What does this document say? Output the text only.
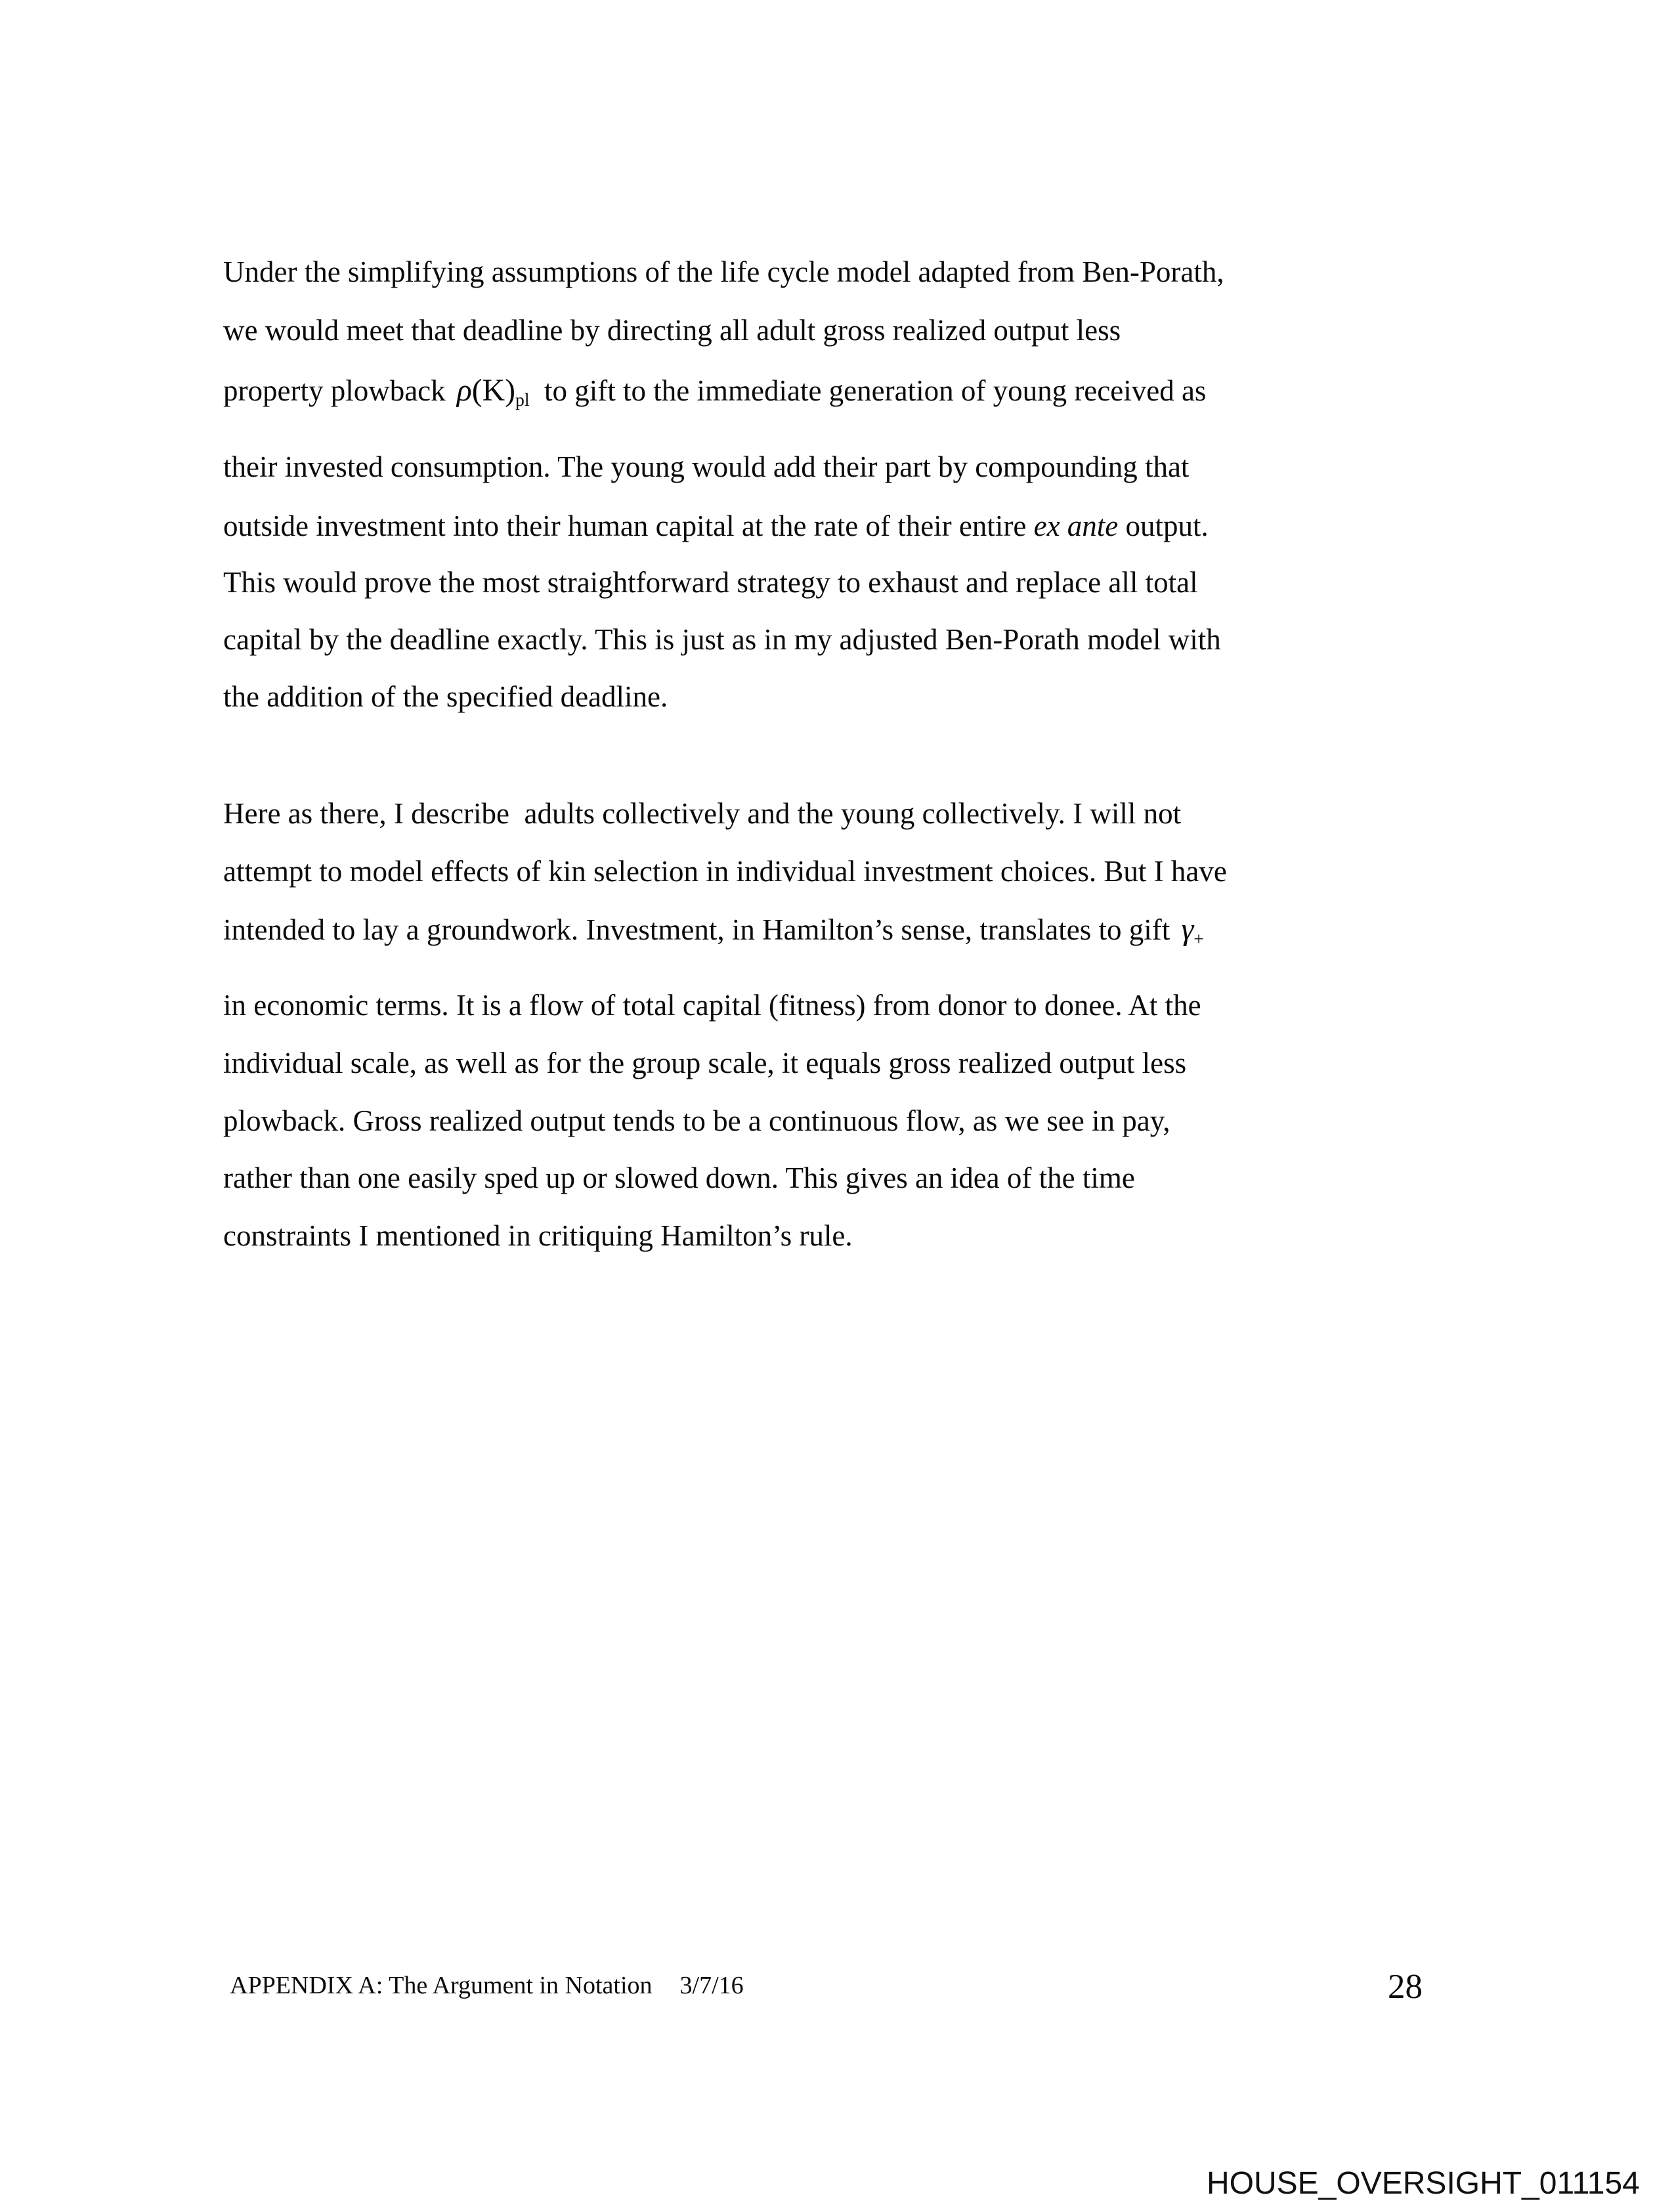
Under the simplifying assumptions of the life cycle model adapted from Ben-Porath,
we would meet that deadline by directing all adult gross realized output less
property plowback ρ(K)pl  to gift to the immediate generation of young received as
their invested consumption. The young would add their part by compounding that
outside investment into their human capital at the rate of their entire ex ante output.
This would prove the most straightforward strategy to exhaust and replace all total
capital by the deadline exactly. This is just as in my adjusted Ben-Porath model with
the addition of the specified deadline.
Here as there, I describe  adults collectively and the young collectively. I will not
attempt to model effects of kin selection in individual investment choices. But I have
intended to lay a groundwork. Investment, in Hamilton’s sense, translates to gift γ+
in economic terms. It is a flow of total capital (fitness) from donor to donee. At the
individual scale, as well as for the group scale, it equals gross realized output less
plowback. Gross realized output tends to be a continuous flow, as we see in pay,
rather than one easily sped up or slowed down. This gives an idea of the time
constraints I mentioned in critiquing Hamilton’s rule.
APPENDIX A: The Argument in Notation 3/7/16	28
HOUSE_OVERSIGHT_011154
